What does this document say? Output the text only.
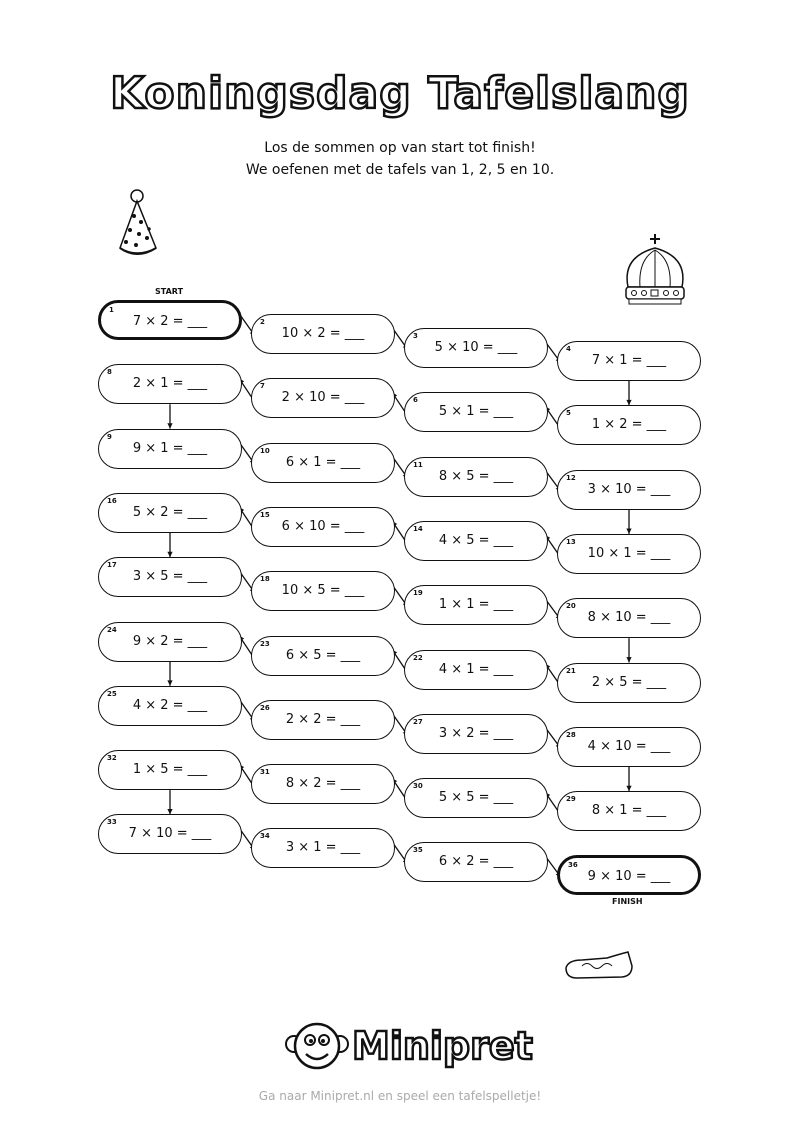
Koningsdag Tafelslang
Los de sommen op van start tot finish!
We oefenen met de tafels van 1, 2, 5 en 10.
START
FINISH
1
7 × 2 = ___	2
10 × 2 = ___	3
5 × 10 = ___	4
7 × 1 = ___
8
2 × 1 = ___	7
2 × 10 = ___	6
5 × 1 = ___	5
1 × 2 = ___
9
9 × 1 = ___	10
6 × 1 = ___	11
8 × 5 = ___	12
3 × 10 = ___
16
5 × 2 = ___	15
6 × 10 = ___	14
4 × 5 = ___	13
10 × 1 = ___
17
3 × 5 = ___	18
10 × 5 = ___	19
1 × 1 = ___	20
8 × 10 = ___
24
9 × 2 = ___	23
6 × 5 = ___	22
4 × 1 = ___	21
2 × 5 = ___
25
4 × 2 = ___	26
2 × 2 = ___	27
3 × 2 = ___	28
4 × 10 = ___
32
1 × 5 = ___	31
8 × 2 = ___	30
5 × 5 = ___	29
8 × 1 = ___
33
7 × 10 = ___	34
3 × 1 = ___	35
6 × 2 = ___	36
9 × 10 = ___
Minipret
Ga naar Minipret.nl en speel een tafelspelletje!
